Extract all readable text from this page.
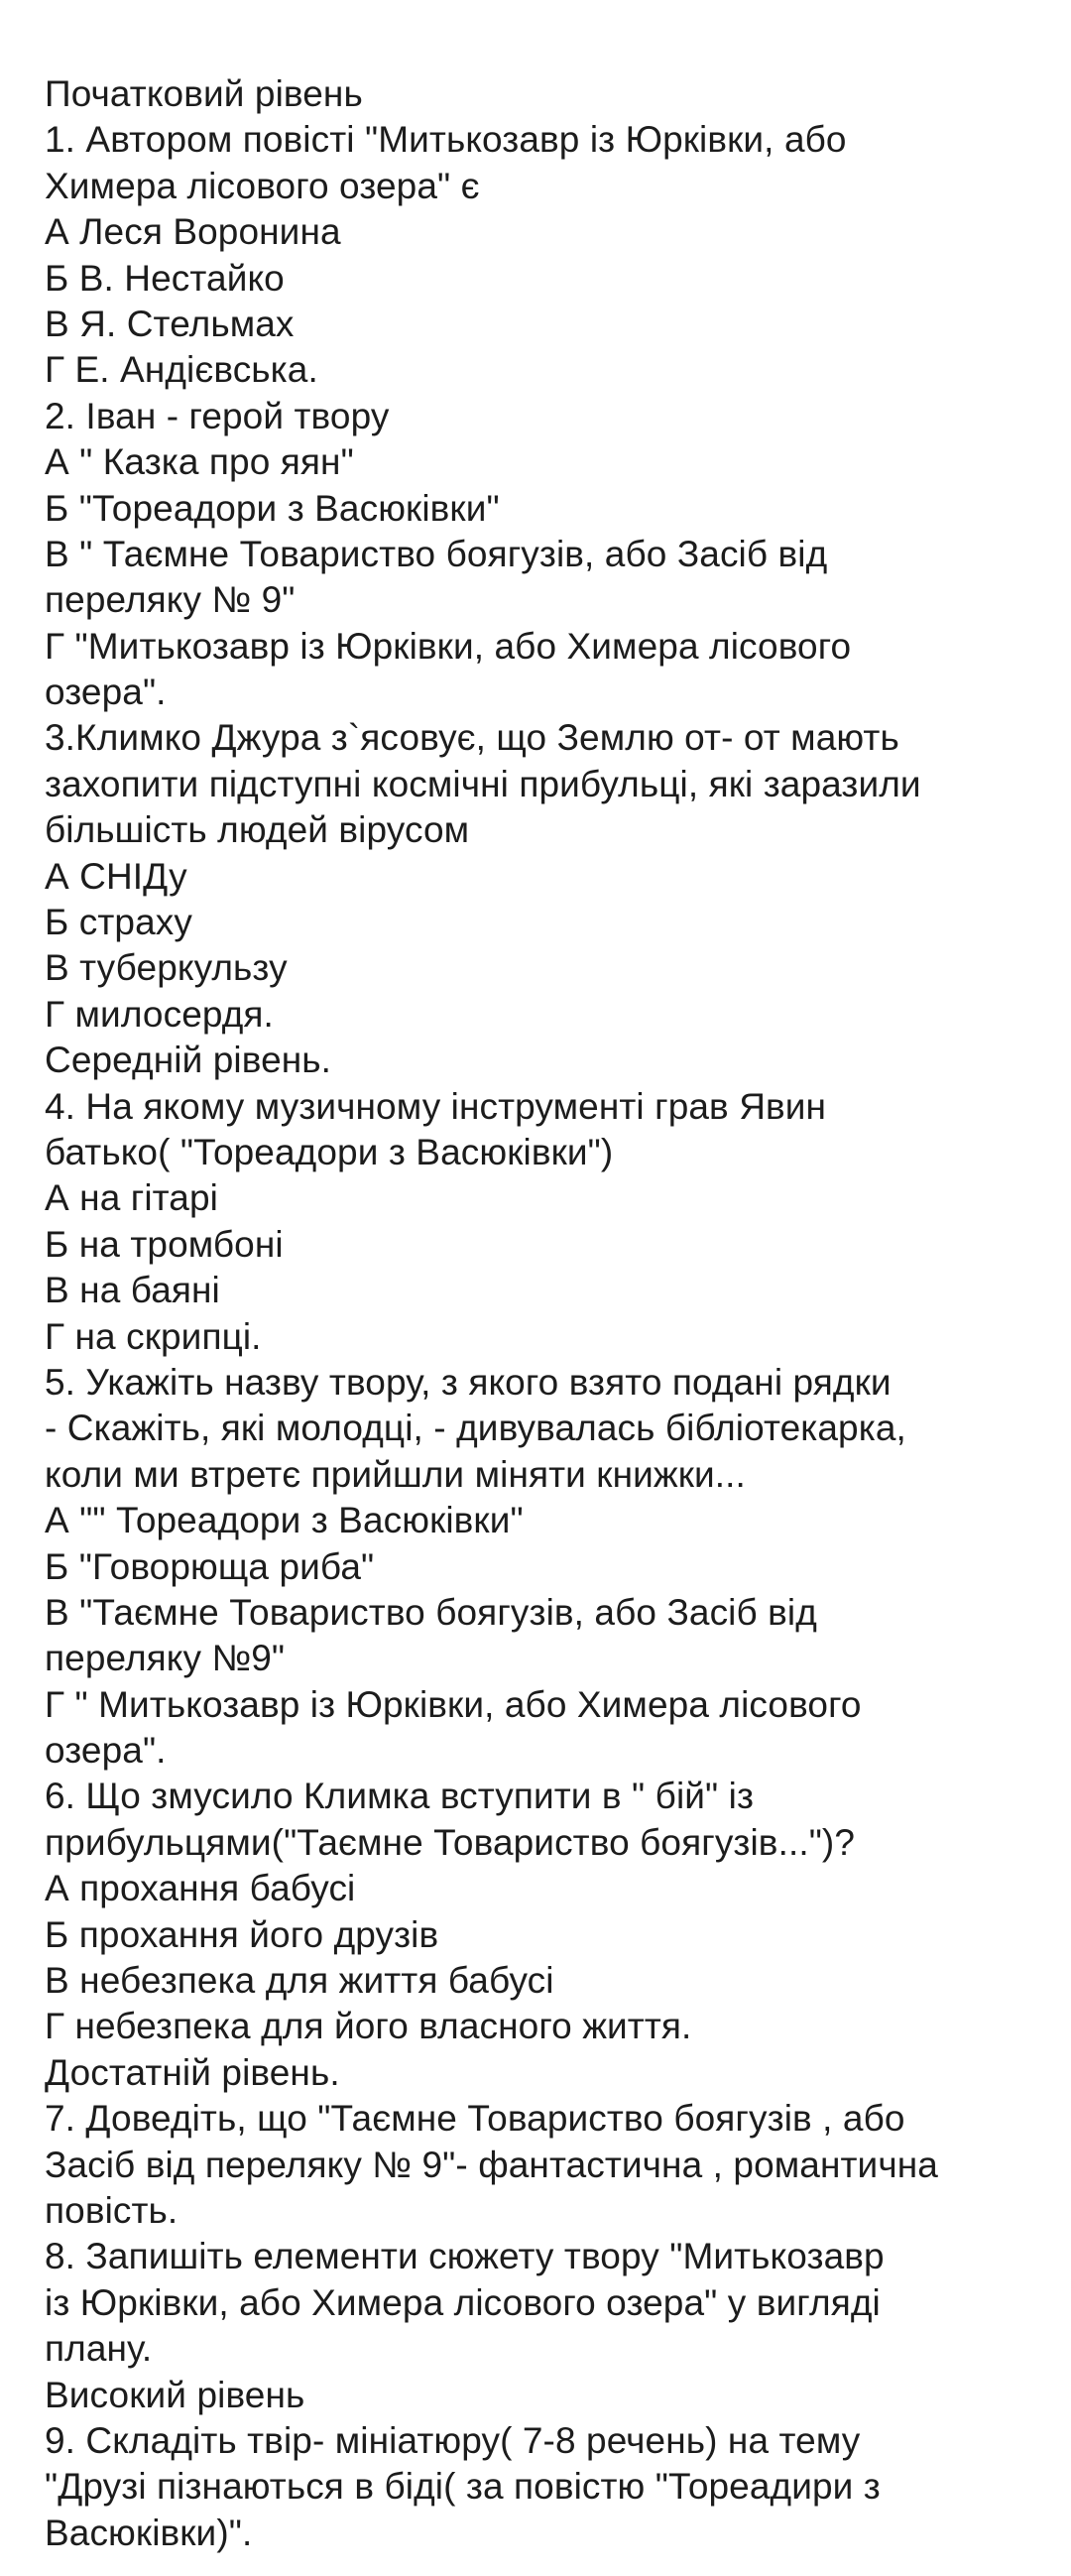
Початковий рівень
1. Автором повісті "Митькозавр із Юрківки, або
Химера лісового озера" є
А Леся Воронина
Б В. Нестайко
В Я. Стельмах
Г Е. Андієвська.
2. Іван - герой твору
А " Казка про яян"
Б "Тореадори з Васюківки"
В " Таємне Товариство боягузів, або Засіб від
переляку № 9"
Г "Митькозавр із Юрківки, або Химера лісового
озера".
3.Климко Джура з`ясовує, що Землю от- от мають
захопити підступні космічні прибульці, які заразили
більшість людей вірусом
А СНІДу
Б страху
В туберкульзу
Г милосердя.
Середній рівень.
4. На якому музичному інструменті грав Явин
батько( "Тореадори з Васюківки")
А на гітарі
Б на тромбоні
В на баяні
Г на скрипці.
5. Укажіть назву твору, з якого взято подані рядки
- Скажіть, які молодці, - дивувалась бібліотекарка,
коли ми втретє прийшли міняти книжки...
А "" Тореадори з Васюківки"
Б "Говорюща риба"
В "Таємне Товариство боягузів, або Засіб від
переляку №9"
Г " Митькозавр із Юрківки, або Химера лісового
озера".
6. Що змусило Климка вступити в " бій" із
прибульцями("Таємне Товариство боягузів...")?
А прохання бабусі
Б прохання його друзів
В небезпека для життя бабусі
Г небезпека для його власного життя.
Достатній рівень.
7. Доведіть, що "Таємне Товариство боягузів , або
Засіб від переляку № 9"- фантастична , романтична
повість.
8. Запишіть елементи сюжету твору "Митькозавр
із Юрківки, або Химера лісового озера" у вигляді
плану.
Високий рівень
9. Складіть твір- мініатюру( 7-8 речень) на тему
"Друзі пізнаються в біді( за повістю "Тореадири з
Васюківки)".
